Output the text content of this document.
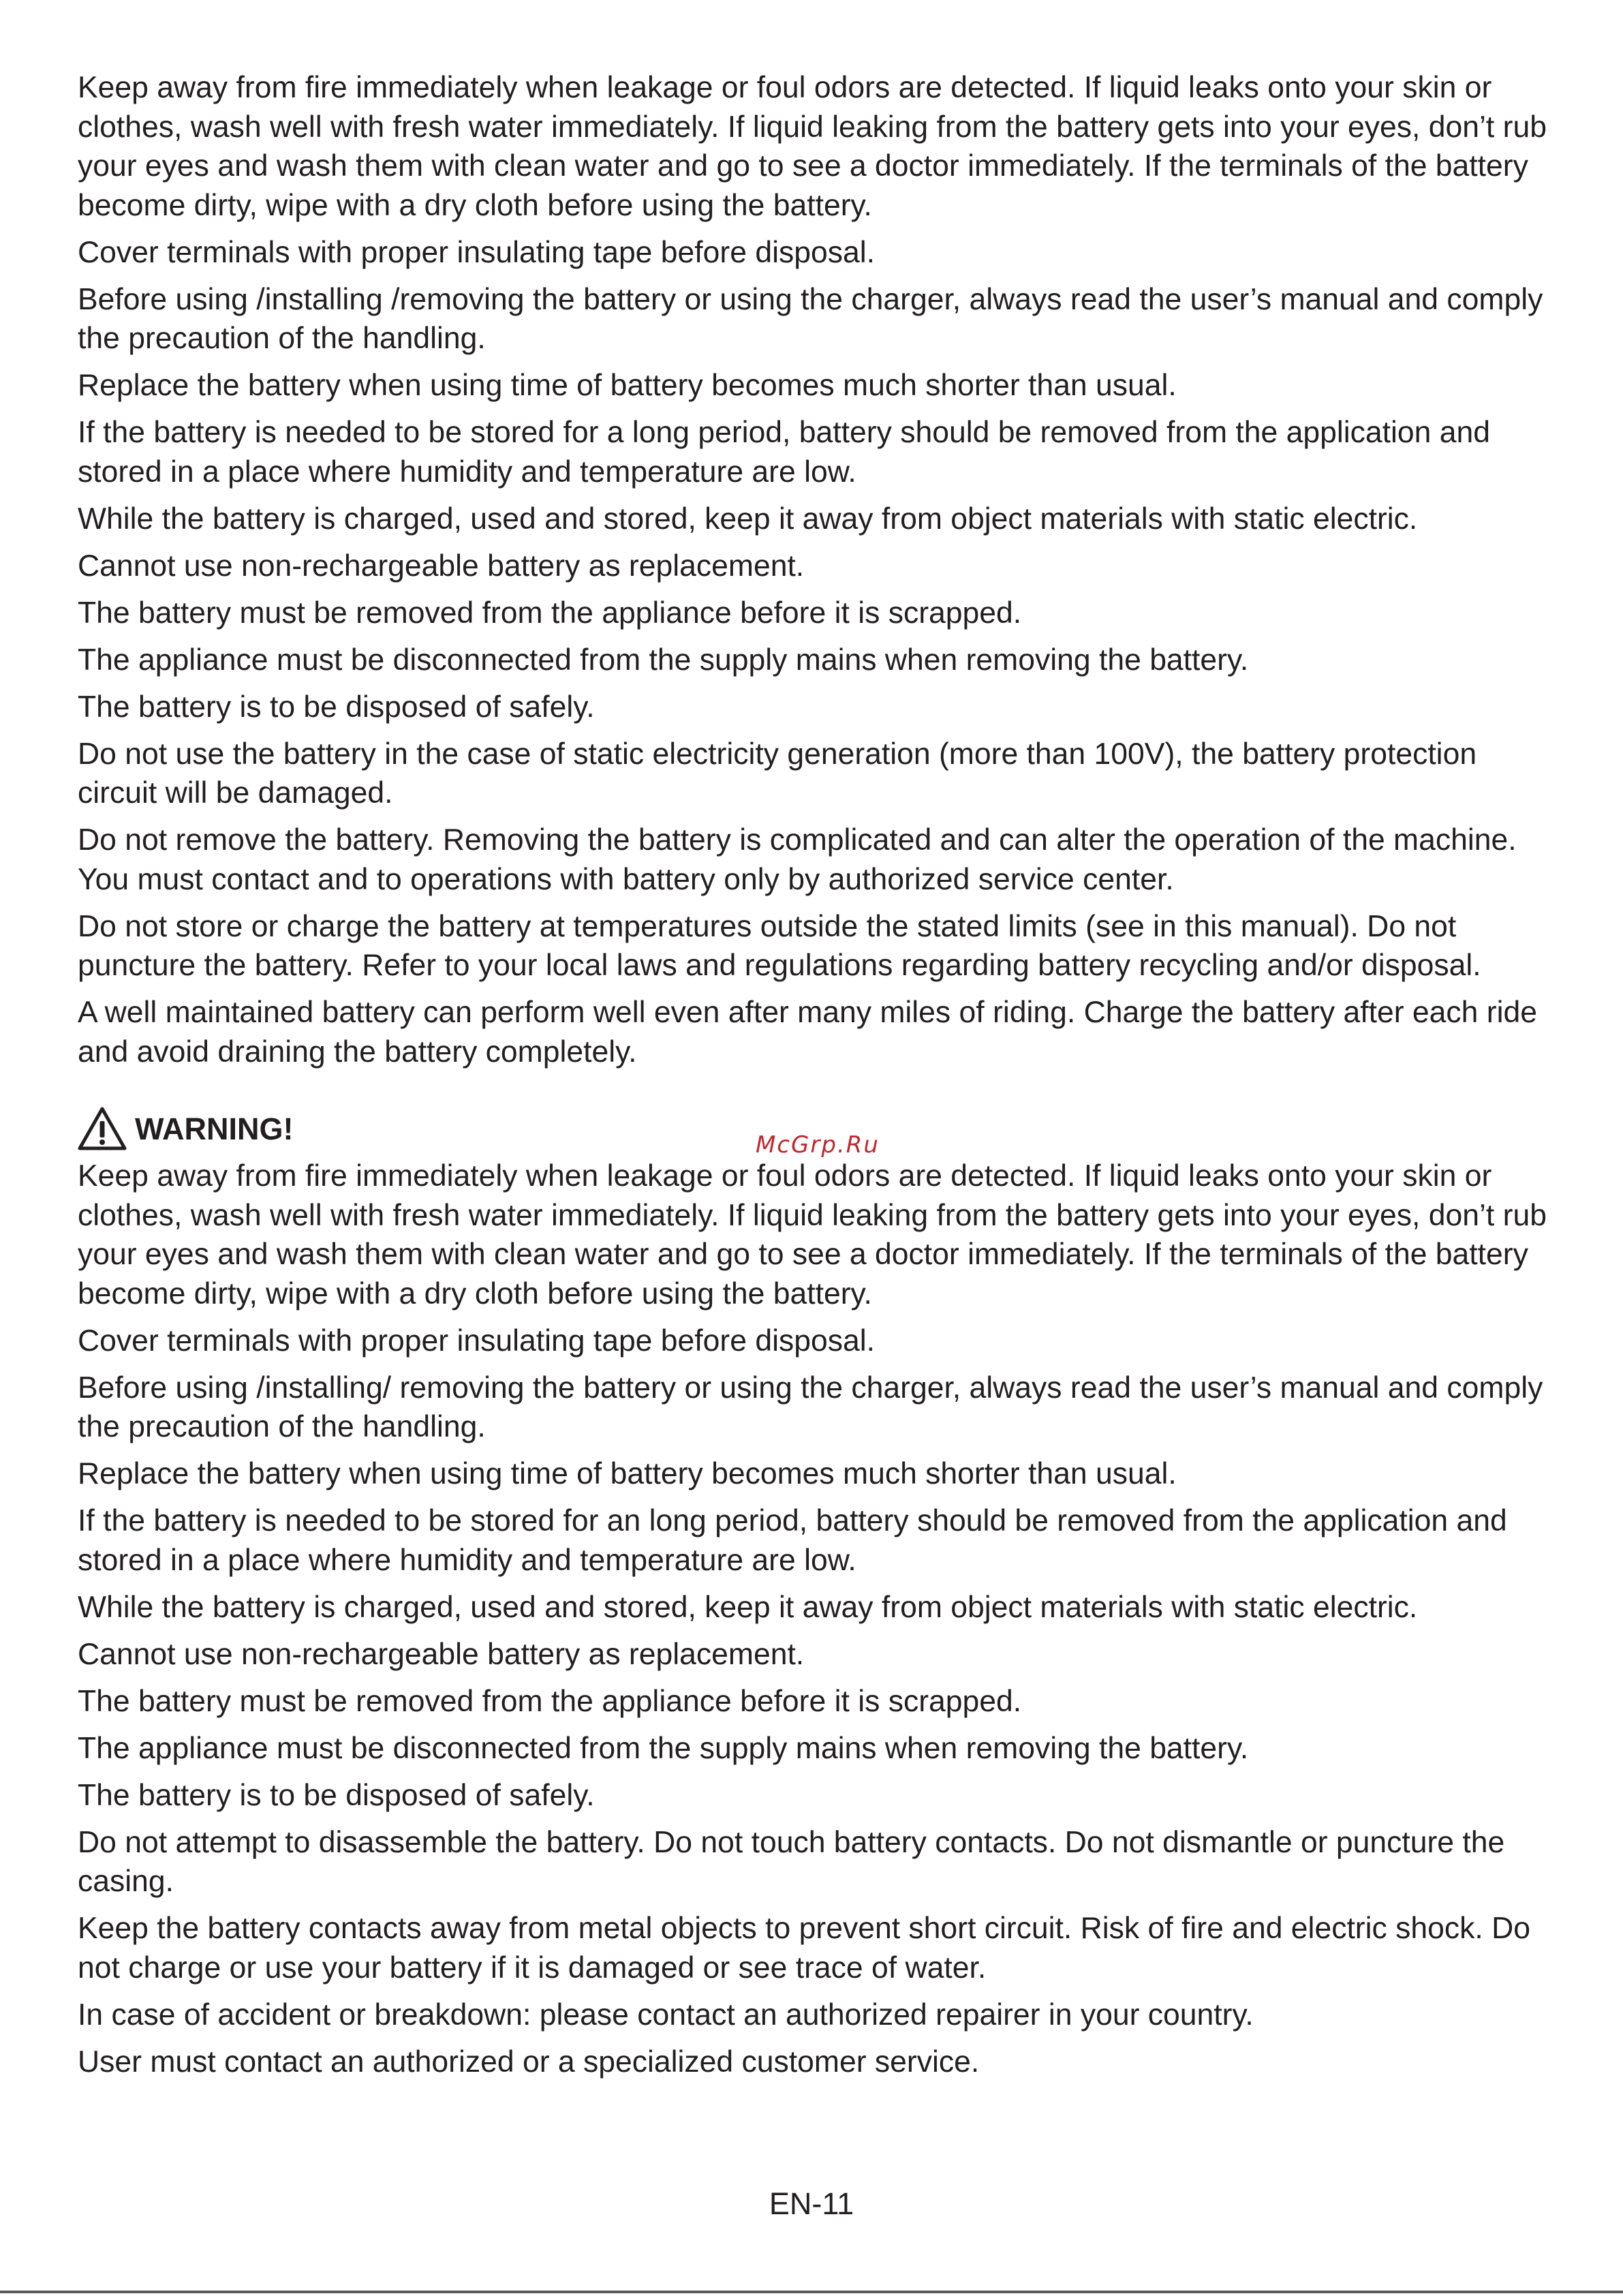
Keep away from fire immediately when leakage or foul odors are detected. If liquid leaks onto your skin or clothes, wash well with fresh water immediately. If liquid leaking from the battery gets into your eyes, don’t rub your eyes and wash them with clean water and go to see a doctor immediately. If the terminals of the battery become dirty, wipe with a dry cloth before using the battery.

Cover terminals with proper insulating tape before disposal.

Before using /installing /removing the battery or using the charger, always read the user’s manual and comply the precaution of the handling.

Replace the battery when using time of battery becomes much shorter than usual.

If the battery is needed to be stored for a long period, battery should be removed from the application and stored in a place where humidity and temperature are low.

While the battery is charged, used and stored, keep it away from object materials with static electric.

Cannot use non-rechargeable battery as replacement.

The battery must be removed from the appliance before it is scrapped.

The appliance must be disconnected from the supply mains when removing the battery.

The battery is to be disposed of safely.

Do not use the battery in the case of static electricity generation (more than 100V), the battery protection circuit will be damaged.

Do not remove the battery. Removing the battery is complicated and can alter the operation of the machine. You must contact and to operations with battery only by authorized service center.

Do not store or charge the battery at temperatures outside the stated limits (see in this manual). Do not puncture the battery. Refer to your local laws and regulations regarding battery recycling and/or disposal.

A well maintained battery can perform well even after many miles of riding. Charge the battery after each ride and avoid draining the battery completely.

WARNING!

Keep away from fire immediately when leakage or foul odors are detected. If liquid leaks onto your skin or clothes, wash well with fresh water immediately. If liquid leaking from the battery gets into your eyes, don’t rub your eyes and wash them with clean water and go to see a doctor immediately. If the terminals of the battery become dirty, wipe with a dry cloth before using the battery.

Cover terminals with proper insulating tape before disposal.

Before using /installing/ removing the battery or using the charger, always read the user’s manual and comply the precaution of the handling.

Replace the battery when using time of battery becomes much shorter than usual.

If the battery is needed to be stored for an long period, battery should be removed from the application and stored in a place where humidity and temperature are low.

While the battery is charged, used and stored, keep it away from object materials with static electric.

Cannot use non-rechargeable battery as replacement.

The battery must be removed from the appliance before it is scrapped.

The appliance must be disconnected from the supply mains when removing the battery.

The battery is to be disposed of safely.

Do not attempt to disassemble the battery. Do not touch battery contacts. Do not dismantle or puncture the casing.

Keep the battery contacts away from metal objects to prevent short circuit. Risk of fire and electric shock. Do not charge or use your battery if it is damaged or see trace of water.

In case of accident or breakdown: please contact an authorized repairer in your country.

User must contact an authorized or a specialized customer service.

McGrp.Ru
EN-11
